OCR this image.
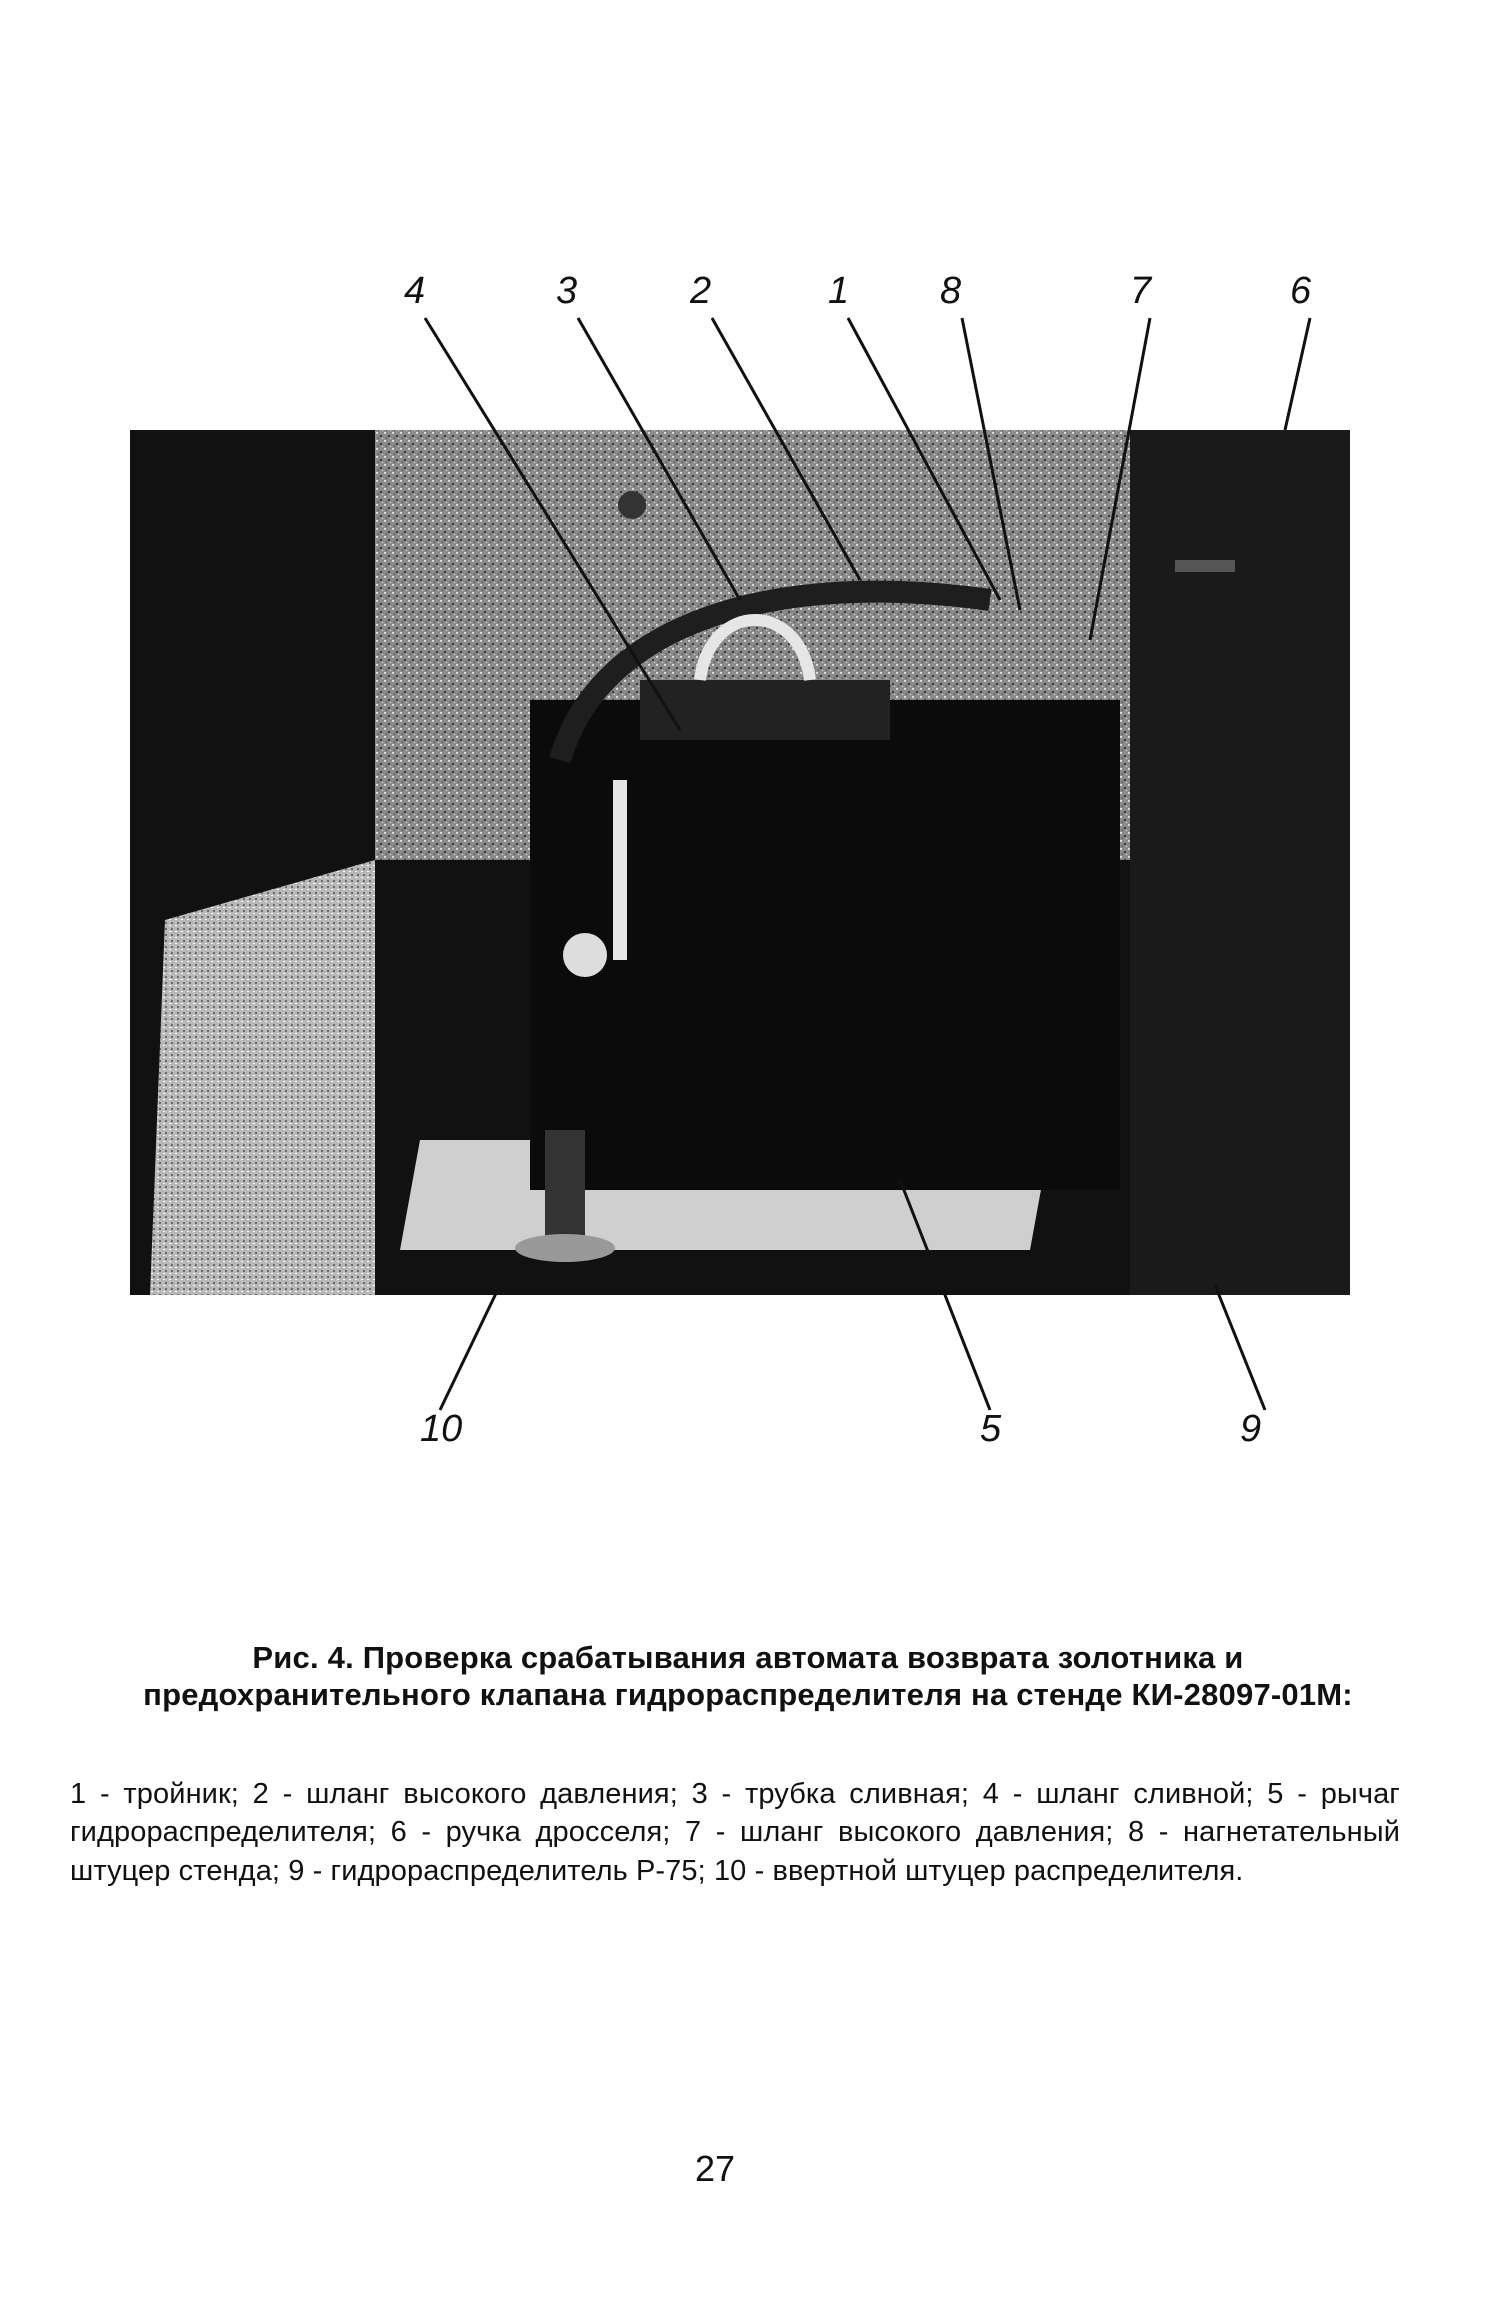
4	3	2	1 8	7	6
10	5	9
Рис. 4. Проверка срабатывания автомата возврата золотника и предохранительного клапана гидрораспределителя на стенде КИ-28097-01М:
1 - тройник; 2 - шланг высокого давления; 3 - трубка сливная; 4 - шланг сливной; 5 - рычаг гидрораспределителя; 6 - ручка дросселя; 7 - шланг высокого давления; 8 - нагнетательный штуцер стенда; 9 - гидрораспределитель Р-75; 10 - ввертной штуцер распределителя.
27
